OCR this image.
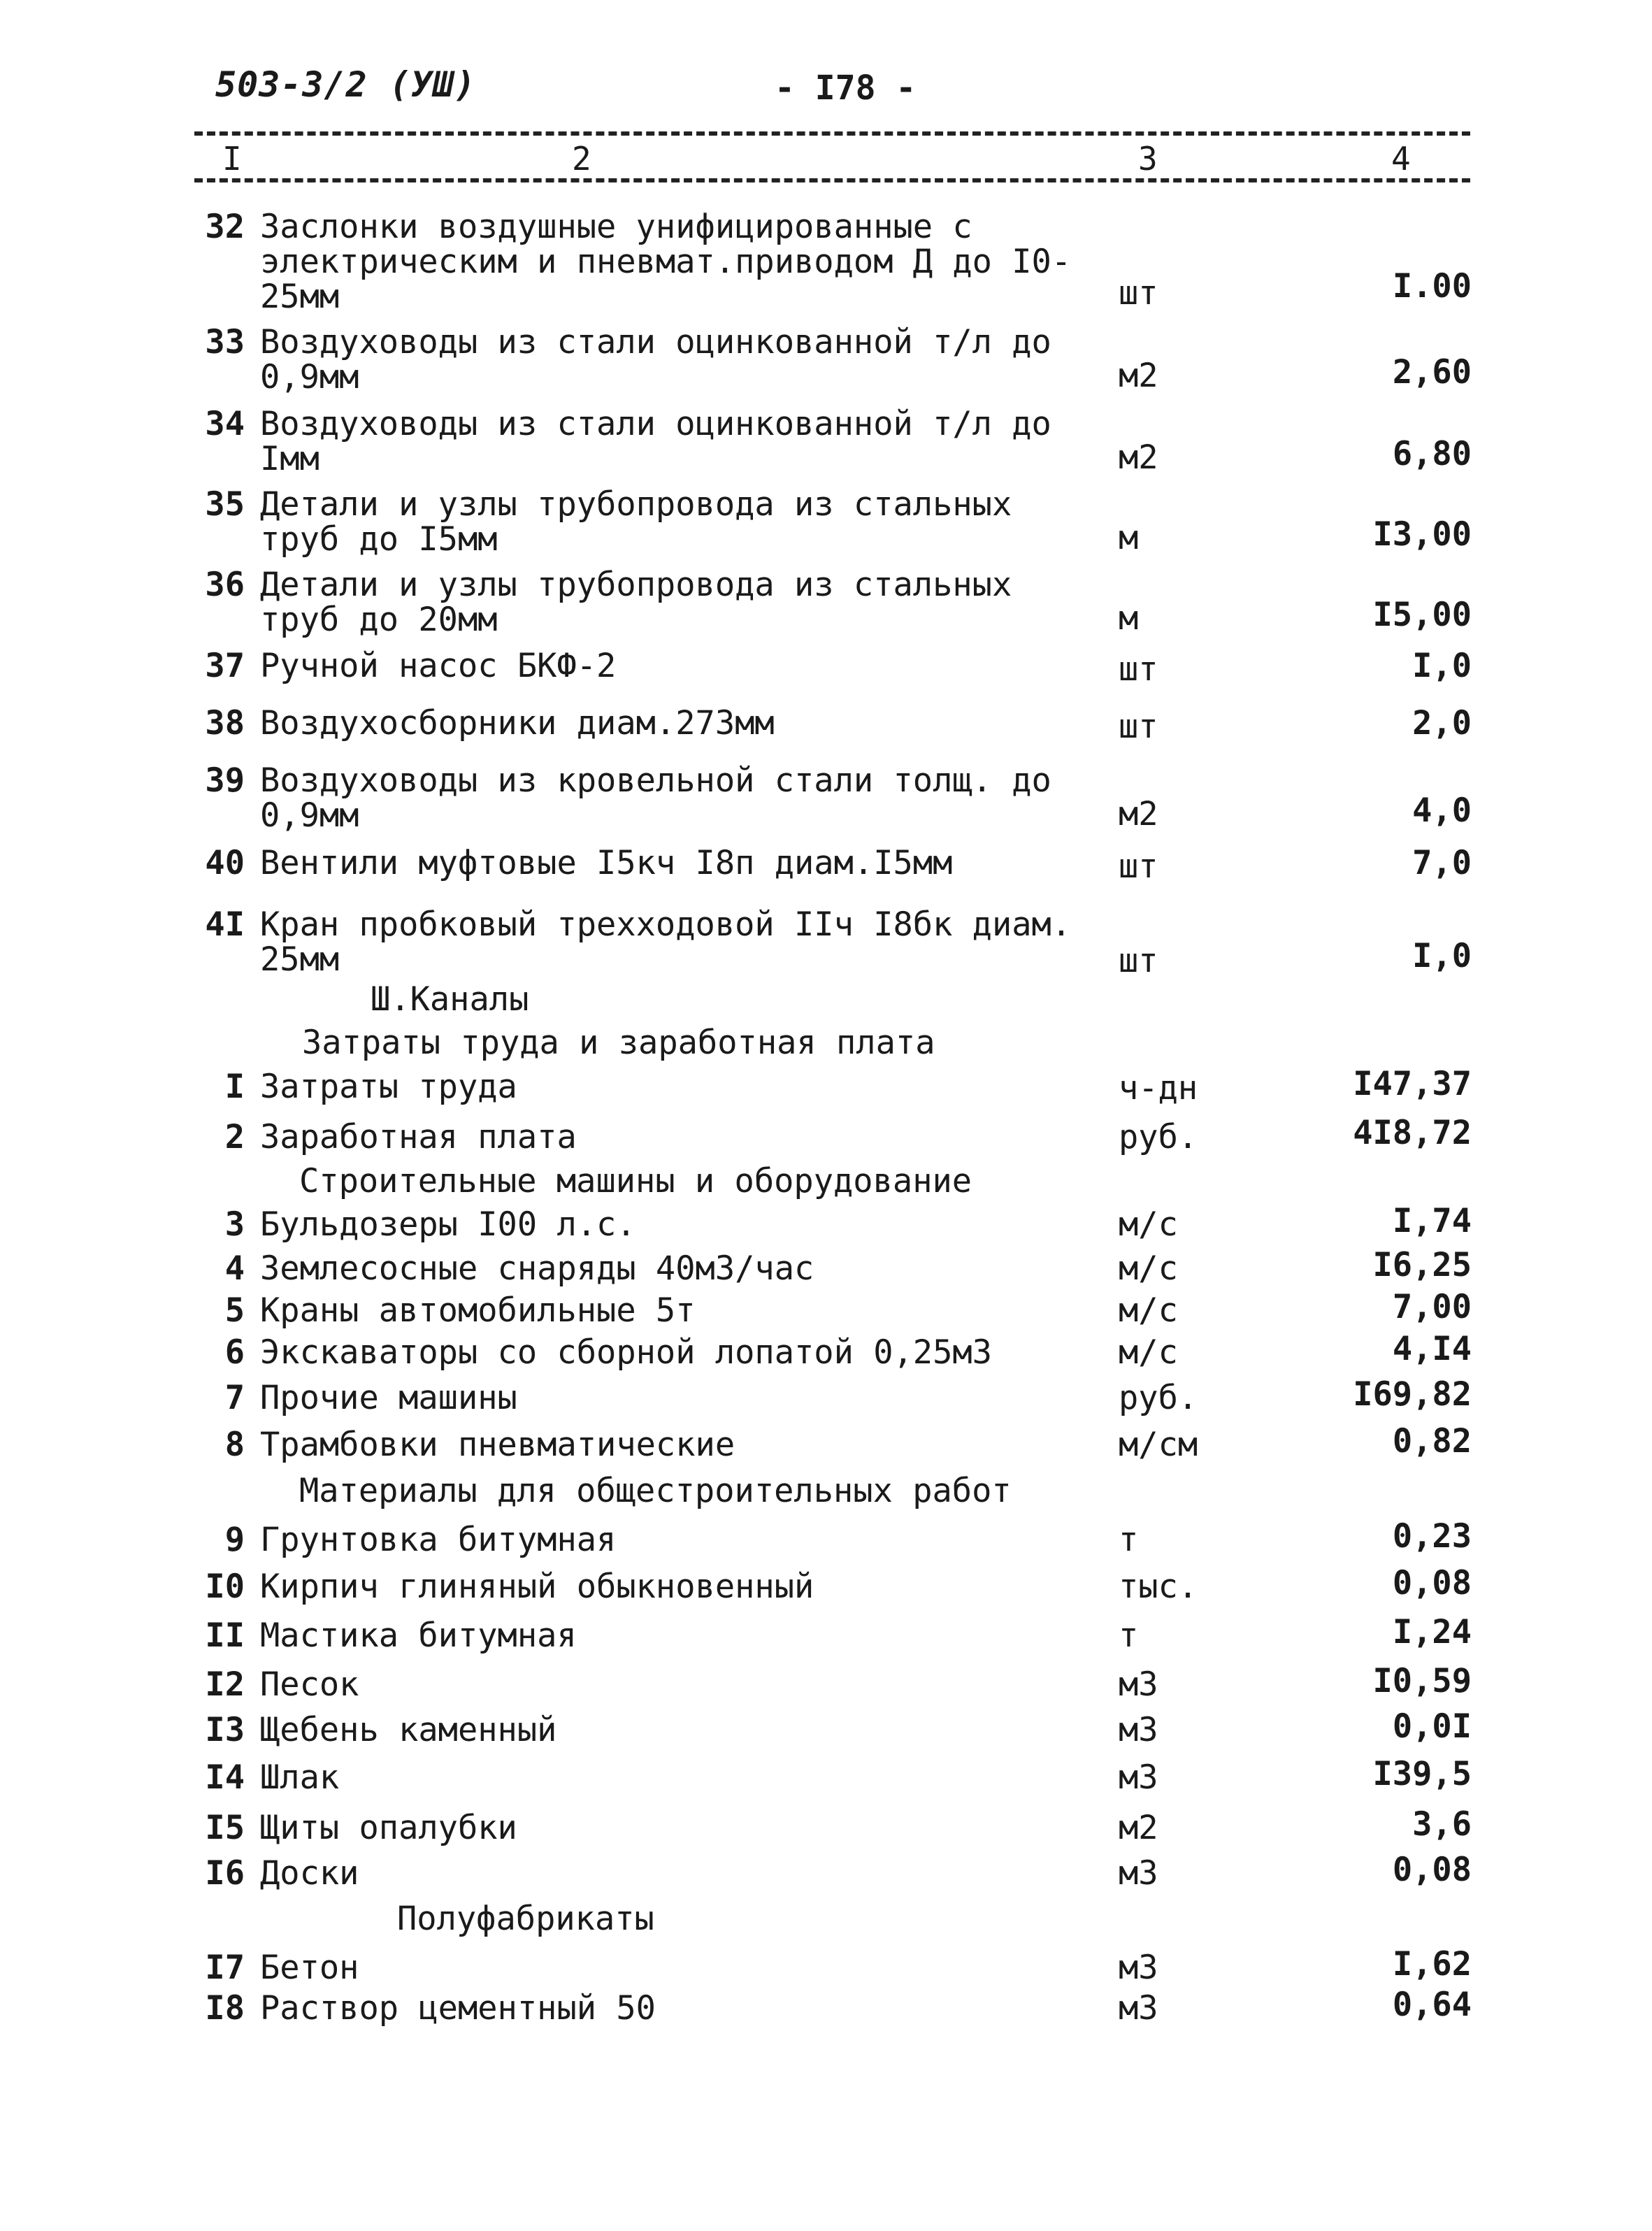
503-3/2 (УШ)	- I78 -
I	2	3	4
32 Заслонки воздушные унифицированные с электрическим и пневмат.приводом Д до I0-25мм	шт	I.00
33 Воздуховоды из стали оцинкованной т/л до 0,9мм	м2	2,60
34 Воздуховоды из стали оцинкованной т/л до Iмм	м2	6,80
35 Детали и узлы трубопровода из стальных труб до I5мм	м	I3,00
36 Детали и узлы трубопровода из стальных труб до 20мм	м	I5,00
37 Ручной насос БКФ-2	шт	I,0
38 Воздухосборники диам.273мм	шт	2,0
39 Воздуховоды из кровельной стали толщ. до 0,9мм	м2	4,0
40 Вентили муфтовые I5кч I8п диам.I5мм	шт	7,0
4I Кран пробковый трехходовой IIч I8бк диам. 25мм	шт	I,0
Ш.Каналы
Затраты труда и заработная плата
I Затраты труда	ч-дн	I47,37
2 Заработная плата	руб.	4I8,72
Строительные машины и оборудование
3 Бульдозеры I00 л.с.	м/с	I,74
4 Землесосные снаряды 40м3/час	м/с	I6,25
5 Краны автомобильные 5т	м/с	7,00
6 Экскаваторы со сборной лопатой 0,25м3	м/с	4,I4
7 Прочие машины	руб.	I69,82
8 Трамбовки пневматические	м/см	0,82
Материалы для общестроительных работ
9 Грунтовка битумная	т	0,23
I0 Кирпич глиняный обыкновенный	тыс.	0,08
II Мастика битумная	т	I,24
I2 Песок	м3	I0,59
I3 Щебень каменный	м3	0,0I
I4 Шлак	м3	I39,5
I5 Щиты опалубки	м2	3,6
I6 Доски	м3	0,08
Полуфабрикаты
I7 Бетон	м3	I,62
I8 Раствор цементный 50	м3	0,64
